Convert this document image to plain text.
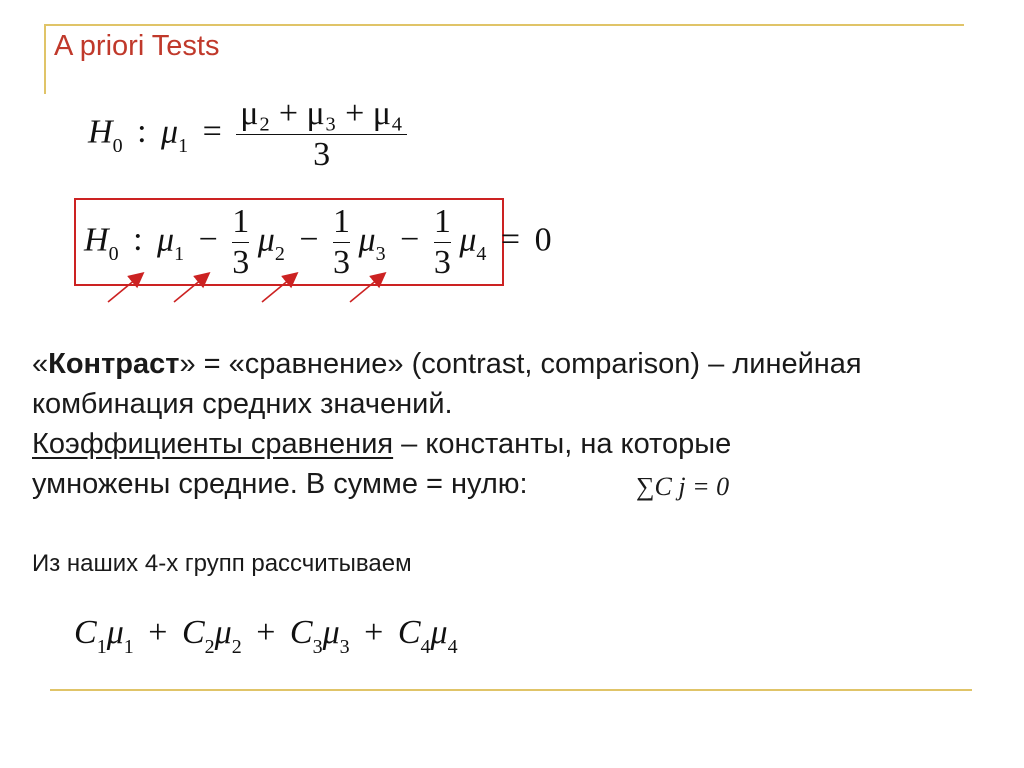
A priori Tests
$H_0$ : $\mu_1 = \frac{\text{μ₂ + μ₃ + μ₄}}{3}$
$H_0$ : $\mu_1 - \frac{1}{3} \mu_2 - \frac{1}{3} \mu_3 - \frac{1}{3} \mu_4 = 0$
«Контраст» = «сравнение» (contrast, comparison) – линейная
комбинация средних значений.
Коэффициенты сравнения – константы, на которые
умножены средние. В сумме = нулю:	∑C j = 0
Из наших 4-х групп рассчитываем
$C_1\mu_1 + C_2\mu_2 + C_3\mu_3 + C_4\mu_4$
